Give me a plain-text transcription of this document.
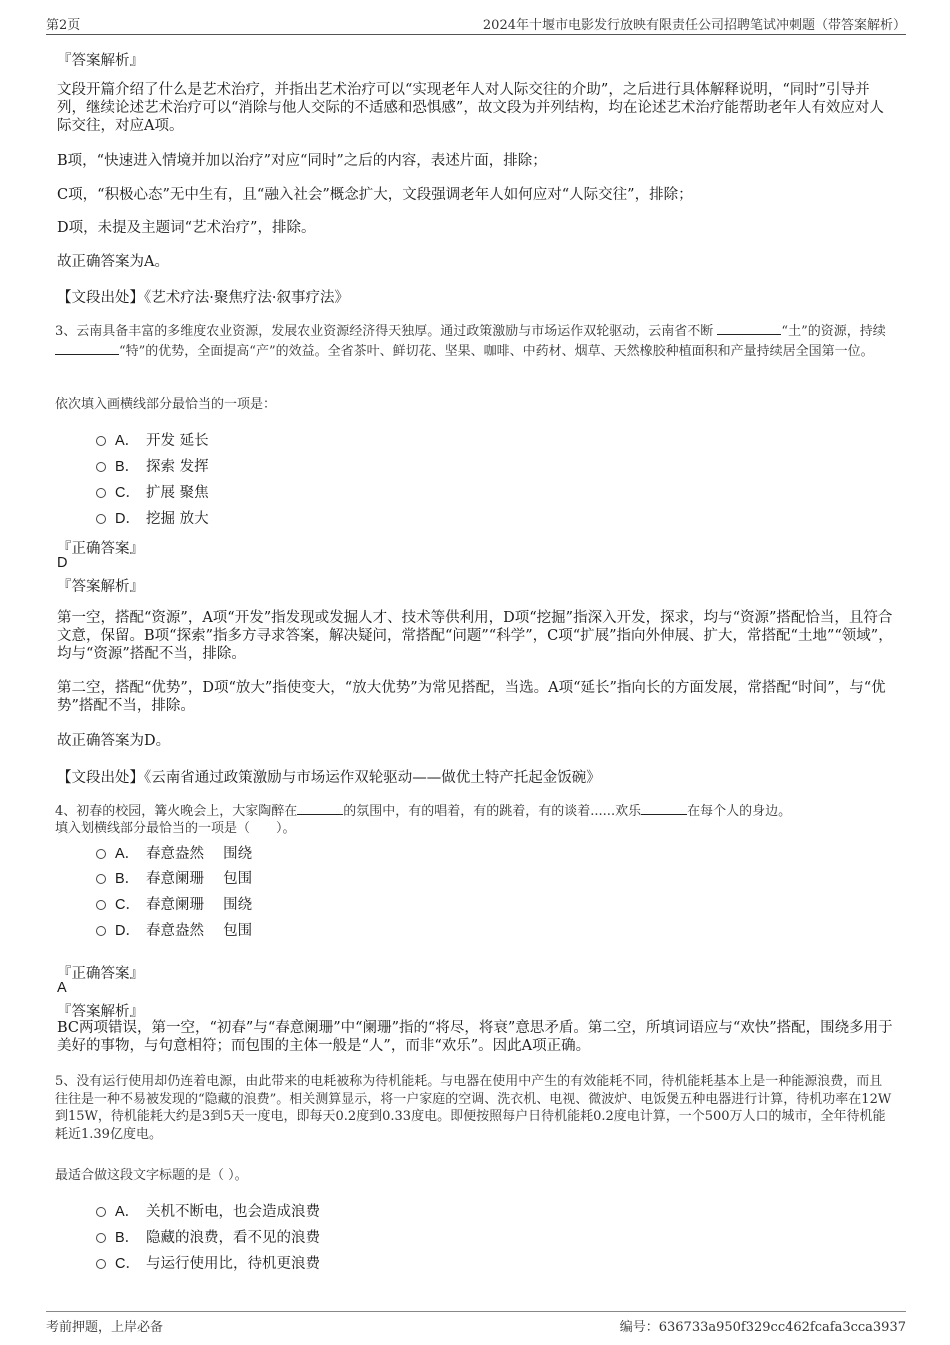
第2页	2024年十堰市电影发行放映有限责任公司招聘笔试冲刺题（带答案解析）
『答案解析』
文段开篇介绍了什么是艺术治疗，并指出艺术治疗可以“实现老年人对人际交往的介助”，之后进行具体解释说明，“同时”引导并列，继续论述艺术治疗可以“消除与他人交际的不适感和恐惧感”，故文段为并列结构，均在论述艺术治疗能帮助老年人有效应对人际交往，对应A项。
B项，“快速进入情境并加以治疗”对应“同时”之后的内容，表述片面，排除；
C项，“积极心态”无中生有，且“融入社会”概念扩大，文段强调老年人如何应对“人际交往”，排除；
D项，未提及主题词“艺术治疗”，排除。
故正确答案为A。
【文段出处】《艺术疗法·聚焦疗法·叙事疗法》
3、云南具备丰富的多维度农业资源，发展农业资源经济得天独厚。通过政策激励与市场运作双轮驱动，云南省不断	“土”的资源，持续 “特”的优势，全面提高“产”的效益。全省茶叶、鲜切花、坚果、咖啡、中药材、烟草、天然橡胶种植面积和产量持续居全国第一位。
依次填入画横线部分最恰当的一项是：
A． 开发 延长
B． 探索 发挥
C． 扩展 聚焦
D． 挖掘 放大
『正确答案』
D
『答案解析』
第一空，搭配“资源”，A项“开发”指发现或发掘人才、技术等供利用，D项“挖掘”指深入开发，探求，均与“资源”搭配恰当，且符合文意，保留。B项“探索”指多方寻求答案，解决疑问，常搭配“问题”“科学”，C项“扩展”指向外伸展、扩大，常搭配“土地”“领域”，均与“资源”搭配不当，排除。
第二空，搭配“优势”，D项“放大”指使变大，“放大优势”为常见搭配，当选。A项“延长”指向长的方面发展，常搭配“时间”，与“优势”搭配不当，排除。
故正确答案为D。
【文段出处】《云南省通过政策激励与市场运作双轮驱动——做优土特产托起金饭碗》
4、初春的校园，篝火晚会上，大家陶醉在	的氛围中，有的唱着，有的跳着，有的谈着......欢乐	在每个人的身边。
填入划横线部分最恰当的一项是（　　）。
A． 春意盎然　 围绕
B． 春意阑珊　 包围
C． 春意阑珊　 围绕
D． 春意盎然　 包围
『正确答案』
A
『答案解析』
BC两项错误，第一空，“初春”与“春意阑珊”中“阑珊”指的“将尽，将衰”意思矛盾。第二空，所填词语应与“欢快”搭配，围绕多用于美好的事物，与句意相符；而包围的主体一般是“人”，而非“欢乐”。因此A项正确。
5、没有运行使用却仍连着电源，由此带来的电耗被称为待机能耗。与电器在使用中产生的有效能耗不同，待机能耗基本上是一种能源浪费，而且往往是一种不易被发现的“隐藏的浪费”。相关测算显示，将一户家庭的空调、洗衣机、电视、微波炉、电饭煲五种电器进行计算，待机功率在12W到15W，待机能耗大约是3到5天一度电，即每天0.2度到0.33度电。即便按照每户日待机能耗0.2度电计算，一个500万人口的城市，全年待机能耗近1.39亿度电。
最适合做这段文字标题的是（ ）。
A． 关机不断电，也会造成浪费
B． 隐藏的浪费，看不见的浪费
C． 与运行使用比，待机更浪费
考前押题，上岸必备	编号：636733a950f329cc462fcafa3cca3937
